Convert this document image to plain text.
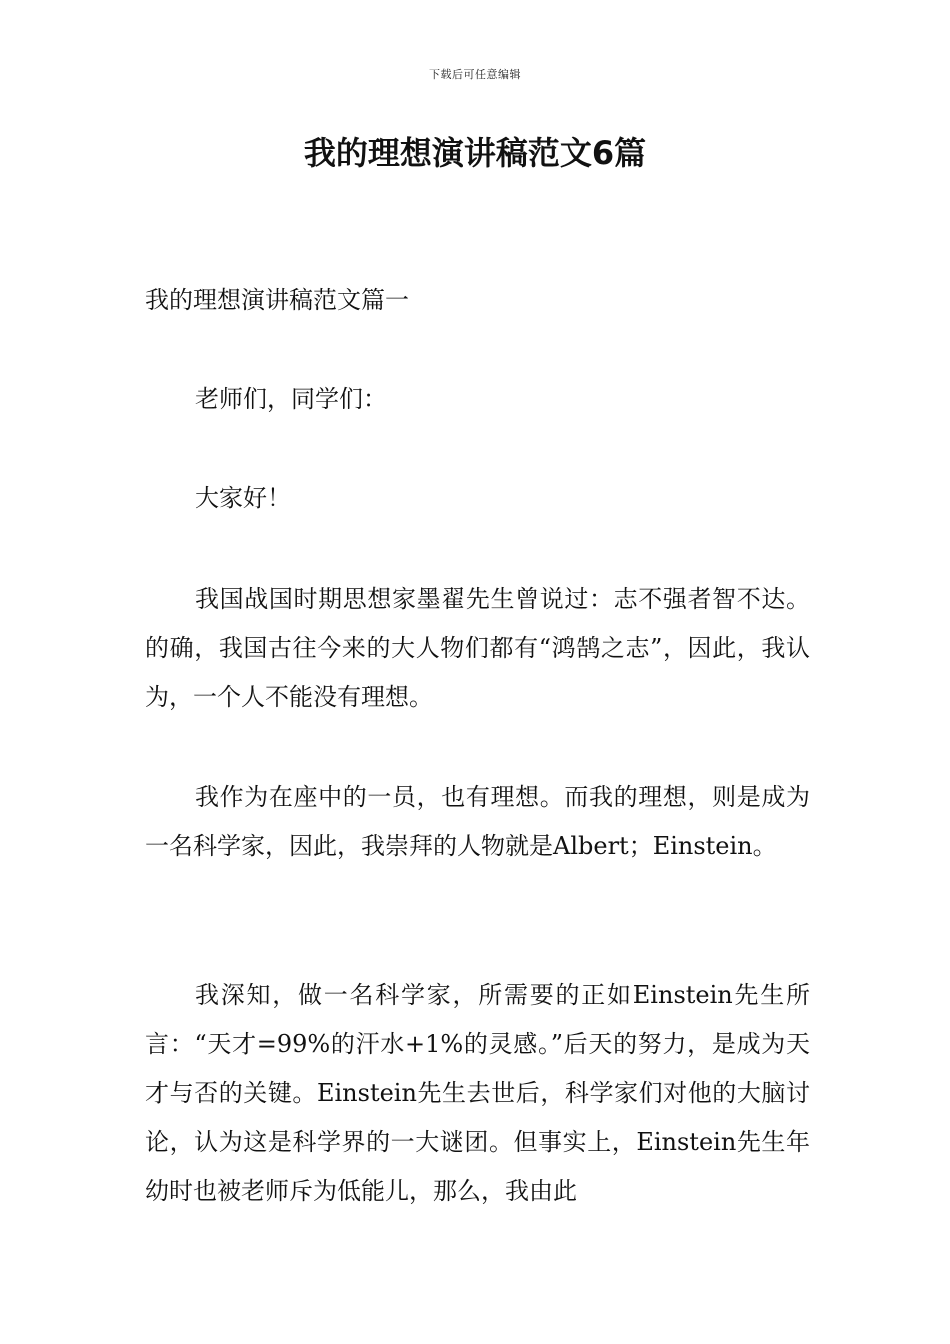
下载后可任意编辑
我的理想演讲稿范文6篇

我的理想演讲稿范文篇一

老师们，同学们：

大家好！

我国战国时期思想家墨翟先生曾说过：志不强者智不达。的确，我国古往今来的大人物们都有“鸿鹄之志”，因此，我认为，一个人不能没有理想。

我作为在座中的一员，也有理想。而我的理想，则是成为一名科学家，因此，我崇拜的人物就是Albert；Einstein。

我深知，做一名科学家，所需要的正如Einstein先生所言：“天才=99%的汗水+1%的灵感。”后天的努力，是成为天才与否的关键。Einstein先生去世后，科学家们对他的大脑讨论，认为这是科学界的一大谜团。但事实上，Einstein先生年幼时也被老师斥为低能儿，那么，我由此
